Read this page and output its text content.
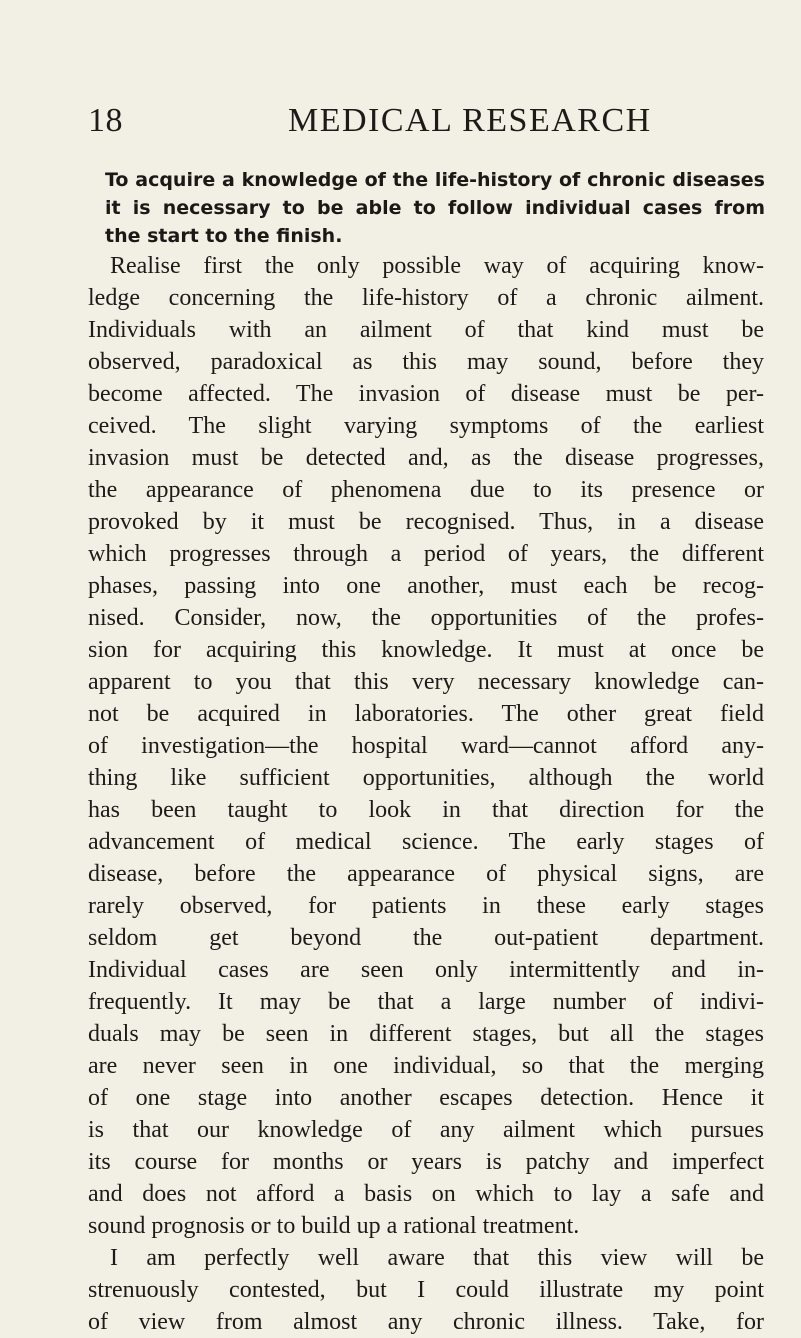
18	MEDICAL RESEARCH
To acquire a knowledge of the life-history of chronic diseases
it is necessary to be able to follow individual cases from
the start to the finish.
Realise first the only possible way of acquiring know-
ledge concerning the life-history of a chronic ailment.
Individuals with an ailment of that kind must be
observed, paradoxical as this may sound, before they
become affected. The invasion of disease must be per-
ceived. The slight varying symptoms of the earliest
invasion must be detected and, as the disease progresses,
the appearance of phenomena due to its presence or
provoked by it must be recognised. Thus, in a disease
which progresses through a period of years, the different
phases, passing into one another, must each be recog-
nised. Consider, now, the opportunities of the profes-
sion for acquiring this knowledge. It must at once be
apparent to you that this very necessary knowledge can-
not be acquired in laboratories. The other great field
of investigation—the hospital ward—cannot afford any-
thing like sufficient opportunities, although the world
has been taught to look in that direction for the
advancement of medical science. The early stages of
disease, before the appearance of physical signs, are
rarely observed, for patients in these early stages
seldom get beyond the out-patient department.
Individual cases are seen only intermittently and in-
frequently. It may be that a large number of indivi-
duals may be seen in different stages, but all the stages
are never seen in one individual, so that the merging
of one stage into another escapes detection. Hence it
is that our knowledge of any ailment which pursues
its course for months or years is patchy and imperfect
and does not afford a basis on which to lay a safe and
sound prognosis or to build up a rational treatment.
I am perfectly well aware that this view will be
strenuously contested, but I could illustrate my point
of view from almost any chronic illness. Take, for
